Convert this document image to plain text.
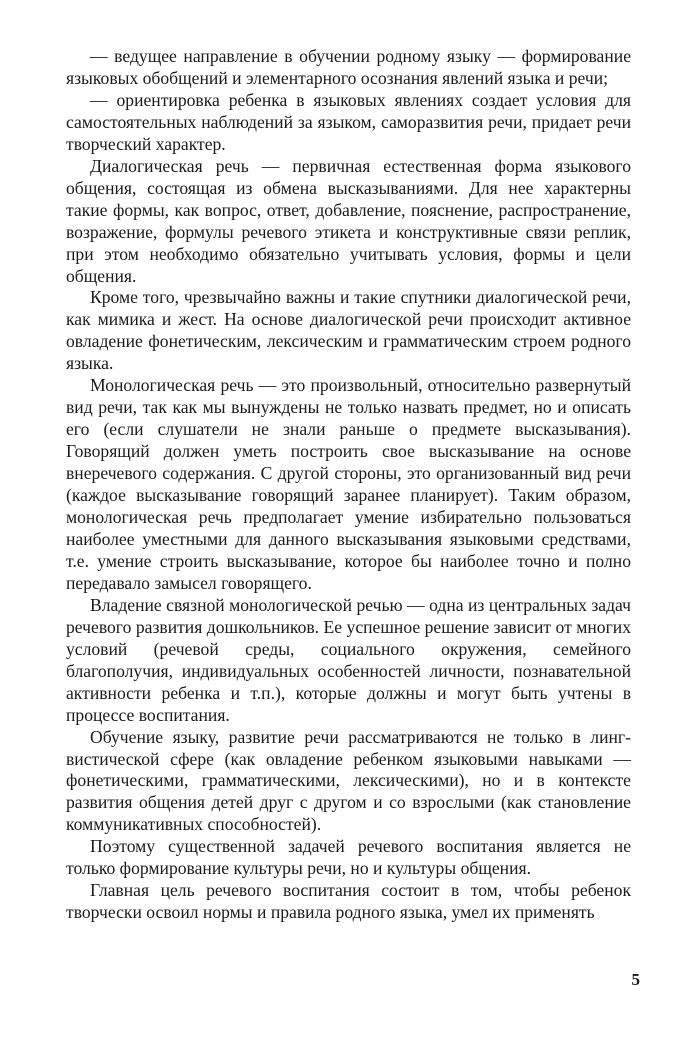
— ведущее направление в обучении родному языку — формирование языковых обобщений и элементарного осознания явлений языка и речи;

— ориентировка ребенка в языковых явлениях создает условия для самостоятельных наблюдений за языком, саморазвития речи, придает речи творческий характер.

Диалогическая речь — первичная естественная форма языкового общения, состоящая из обмена высказываниями. Для нее характерны такие формы, как вопрос, ответ, добавление, пояснение, распространение, возражение, формулы речевого этикета и конструктивные связи реплик, при этом необходимо обязательно учитывать условия, формы и цели общения.

Кроме того, чрезвычайно важны и такие спутники диалогической речи, как мимика и жест. На основе диалогической речи происходит активное овладение фонетическим, лексическим и грамматическим строем родного языка.

Монологическая речь — это произвольный, относительно развернутый вид речи, так как мы вынуждены не только назвать предмет, но и описать его (если слушатели не знали раньше о предмете высказывания). Говорящий должен уметь построить свое высказывание на основе внеречевого содержания. С другой стороны, это организованный вид речи (каждое высказывание говорящий заранее планирует). Таким образом, монологическая речь предполагает умение избирательно пользоваться наиболее уместными для данного высказывания языковыми средствами, т.е. умение строить высказывание, которое бы наиболее точно и полно передавало замысел говорящего.

Владение связной монологической речью — одна из центральных задач речевого развития дошкольников. Ее успешное решение зависит от многих условий (речевой среды, социального окружения, семейного благополучия, индивидуальных особенностей личности, познавательной активности ребенка и т.п.), которые должны и могут быть учтены в процессе воспитания.

Обучение языку, развитие речи рассматриваются не только в лингвистической сфере (как овладение ребенком языковыми навыками — фонетическими, грамматическими, лексическими), но и в контексте развития общения детей друг с другом и со взрослыми (как становление коммуникативных способностей).

Поэтому существенной задачей речевого воспитания является не только формирование культуры речи, но и культуры общения.

Главная цель речевого воспитания состоит в том, чтобы ребенок творчески освоил нормы и правила родного языка, умел их применять

5
